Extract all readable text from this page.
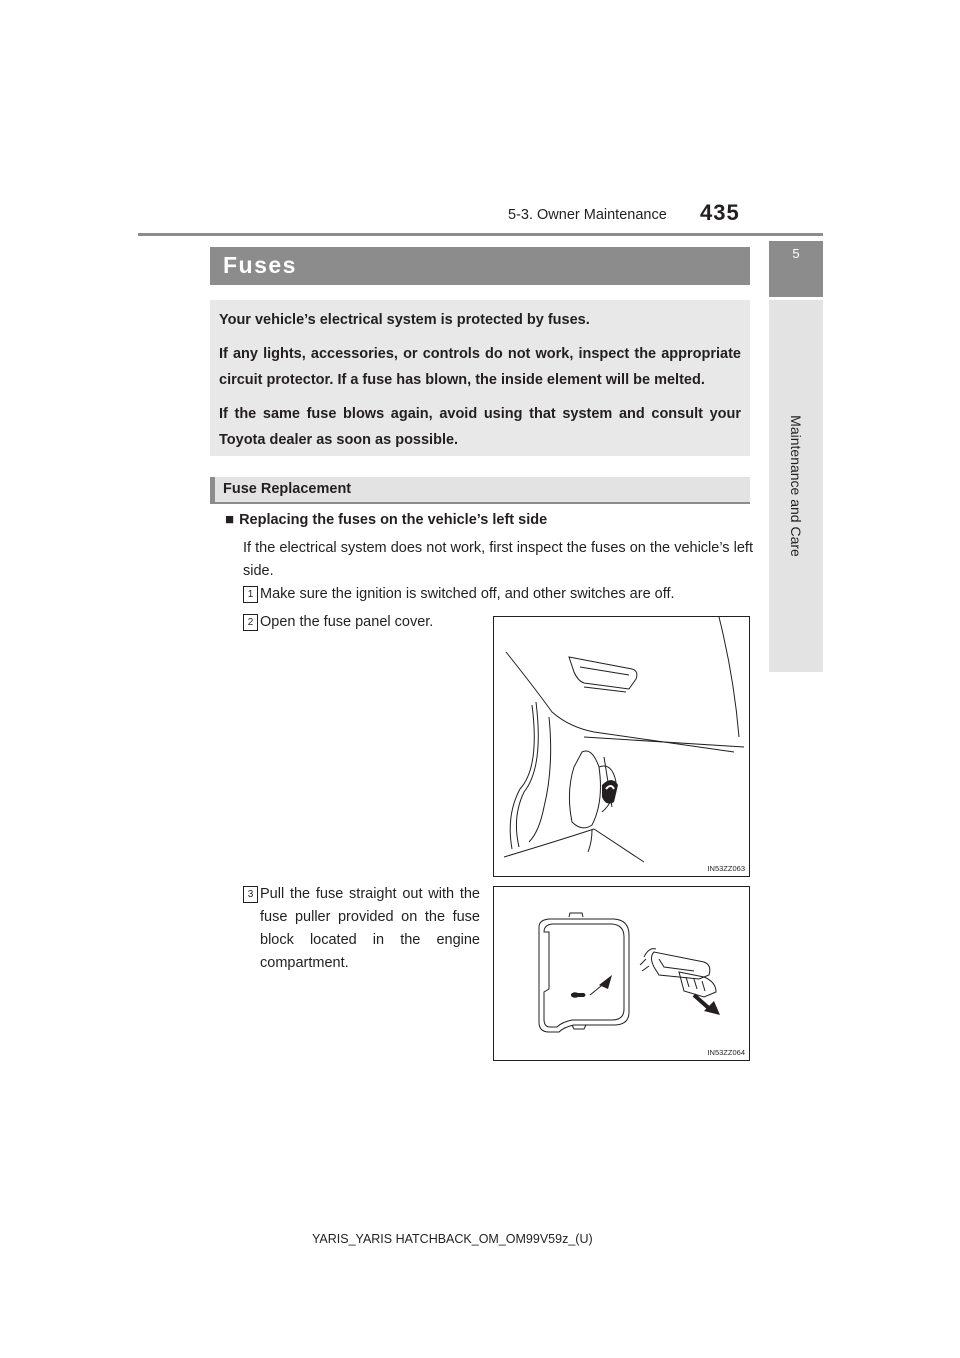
5-3. Owner Maintenance 435
5
Maintenance and Care
Fuses

Your vehicle’s electrical system is protected by fuses.

If any lights, accessories, or controls do not work, inspect the appropriate circuit protector. If a fuse has blown, the inside element will be melted.

If the same fuse blows again, avoid using that system and consult your Toyota dealer as soon as possible.

Fuse Replacement
■ Replacing the fuses on the vehicle’s left side
If the electrical system does not work, first inspect the fuses on the vehicle’s left side.
1 Make sure the ignition is switched off, and other switches are off.
2 Open the fuse panel cover.
3 Pull the fuse straight out with the fuse puller provided on the fuse block located in the engine compartment.
IN53ZZ063
IN53ZZ064
YARIS_YARIS HATCHBACK_OM_OM99V59z_(U)
